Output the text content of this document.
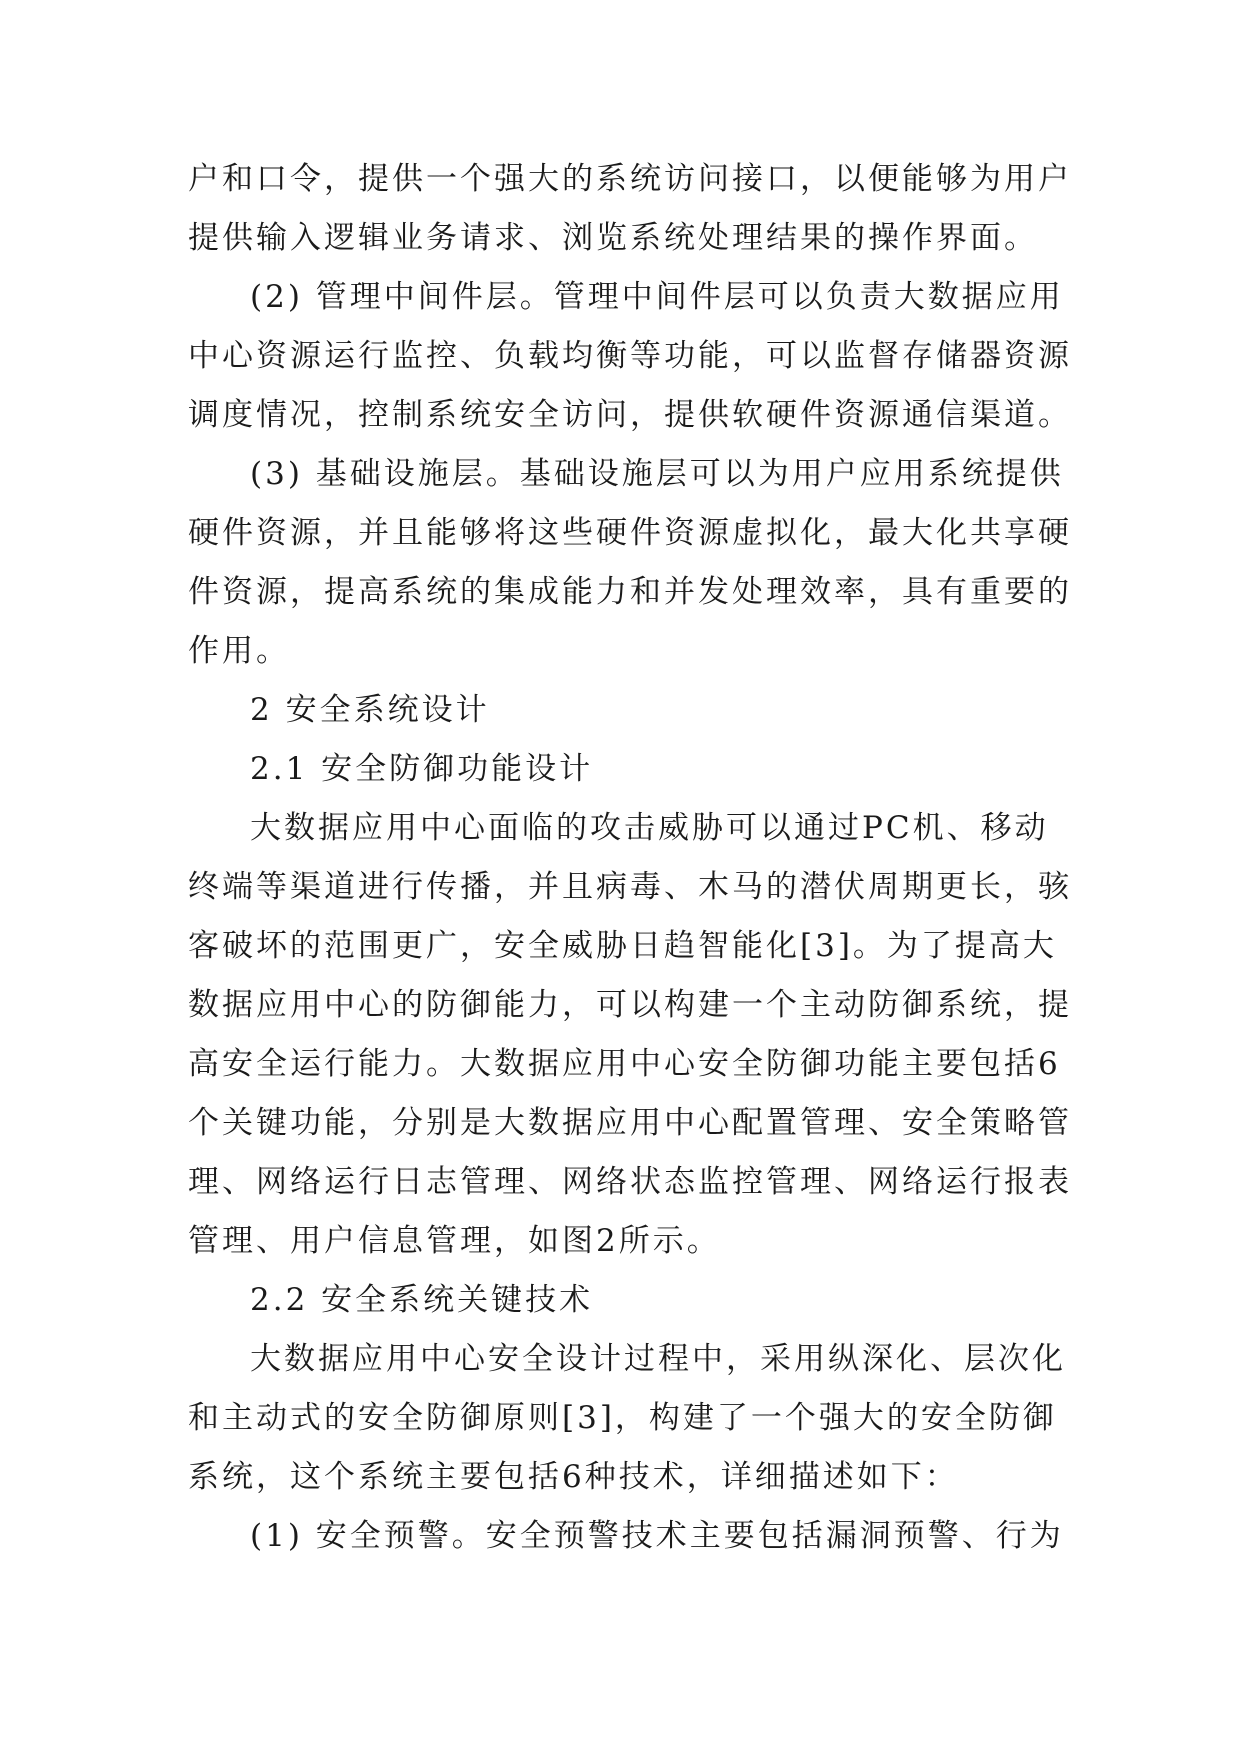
户和口令，提供一个强大的系统访问接口，以便能够为用户
提供输入逻辑业务请求、浏览系统处理结果的操作界面。
(2) 管理中间件层。管理中间件层可以负责大数据应用
中心资源运行监控、负载均衡等功能，可以监督存储器资源
调度情况，控制系统安全访问，提供软硬件资源通信渠道。
(3) 基础设施层。基础设施层可以为用户应用系统提供
硬件资源，并且能够将这些硬件资源虚拟化，最大化共享硬
件资源，提高系统的集成能力和并发处理效率，具有重要的
作用。
2 安全系统设计
2.1 安全防御功能设计
大数据应用中心面临的攻击威胁可以通过PC机、移动
终端等渠道进行传播，并且病毒、木马的潜伏周期更长，骇
客破坏的范围更广，安全威胁日趋智能化[3]。为了提高大
数据应用中心的防御能力，可以构建一个主动防御系统，提
高安全运行能力。大数据应用中心安全防御功能主要包括6
个关键功能，分别是大数据应用中心配置管理、安全策略管
理、网络运行日志管理、网络状态监控管理、网络运行报表
管理、用户信息管理，如图2所示。
2.2 安全系统关键技术
大数据应用中心安全设计过程中，采用纵深化、层次化
和主动式的安全防御原则[3]，构建了一个强大的安全防御
系统，这个系统主要包括6种技术，详细描述如下：
(1) 安全预警。安全预警技术主要包括漏洞预警、行为
